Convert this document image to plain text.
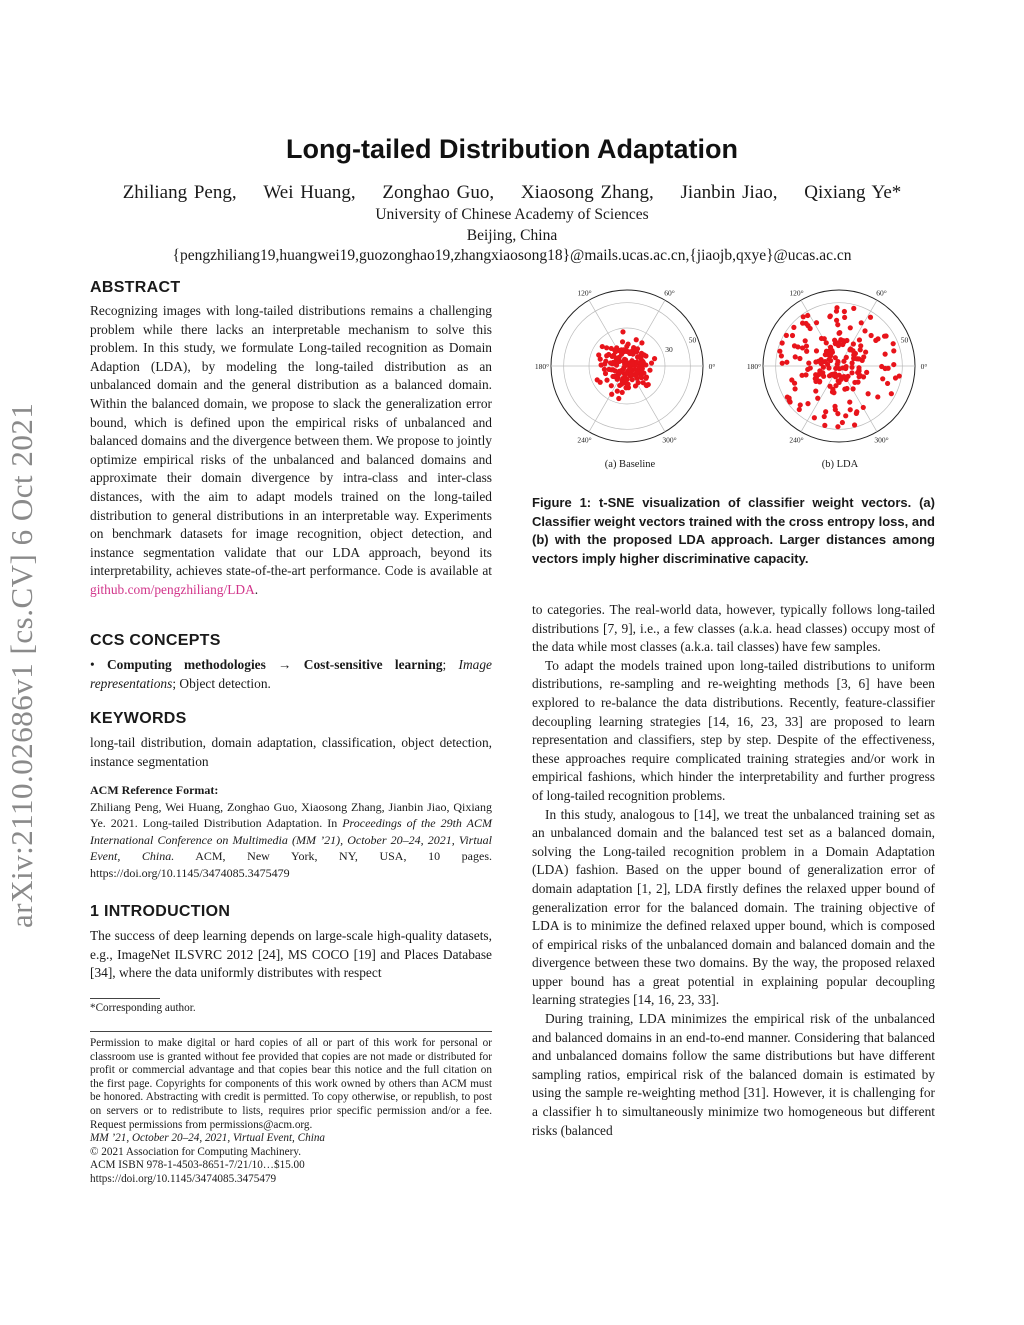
arXiv:2110.02686v1 [cs.CV] 6 Oct 2021
Long-tailed Distribution Adaptation
Zhiliang Peng, Wei Huang, Zonghao Guo, Xiaosong Zhang, Jianbin Jiao, Qixiang Ye*
University of Chinese Academy of Sciences
Beijing, China
{pengzhiliang19,huangwei19,guozonghao19,zhangxiaosong18}@mails.ucas.ac.cn,{jiaojb,qxye}@ucas.ac.cn
ABSTRACT

Recognizing images with long-tailed distributions remains a challenging problem while there lacks an interpretable mechanism to solve this problem. In this study, we formulate Long-tailed recognition as Domain Adaption (LDA), by modeling the long-tailed distribution as an unbalanced domain and the general distribution as a balanced domain. Within the balanced domain, we propose to slack the generalization error bound, which is defined upon the empirical risks of unbalanced and balanced domains and the divergence between them. We propose to jointly optimize empirical risks of the unbalanced and balanced domains and approximate their domain divergence by intra-class and inter-class distances, with the aim to adapt models trained on the long-tailed distribution to general distributions in an interpretable way. Experiments on benchmark datasets for image recognition, object detection, and instance segmentation validate that our LDA approach, beyond its interpretability, achieves state-of-the-art performance. Code is available at github.com/pengzhiliang/LDA.

CCS CONCEPTS

• Computing methodologies → Cost-sensitive learning; Image representations; Object detection.

KEYWORDS

long-tail distribution, domain adaptation, classification, object detection, instance segmentation

ACM Reference Format:

Zhiliang Peng, Wei Huang, Zonghao Guo, Xiaosong Zhang, Jianbin Jiao, Qixiang Ye. 2021. Long-tailed Distribution Adaptation. In Proceedings of the 29th ACM International Conference on Multimedia (MM ’21), October 20–24, 2021, Virtual Event, China. ACM, New York, NY, USA, 10 pages. https://doi.org/10.1145/3474085.3475479

1 INTRODUCTION

The success of deep learning depends on large-scale high-quality datasets, e.g., ImageNet ILSVRC 2012 [24], MS COCO [19] and Places Database [34], where the data uniformly distributes with respect

*Corresponding author.

Permission to make digital or hard copies of all or part of this work for personal or classroom use is granted without fee provided that copies are not made or distributed for profit or commercial advantage and that copies bear this notice and the full citation on the first page. Copyrights for components of this work owned by others than ACM must be honored. Abstracting with credit is permitted. To copy otherwise, or republish, to post on servers or to redistribute to lists, requires prior specific permission and/or a fee. Request permissions from permissions@acm.org.

MM ’21, October 20–24, 2021, Virtual Event, China

© 2021 Association for Computing Machinery.

ACM ISBN 978-1-4503-8651-7/21/10…$15.00

https://doi.org/10.1145/3474085.3475479

120°	60°
180°	0°
240°	300°
50
30
120°	60°
180°	0°
240°	300°
50
(a) Baseline	(b) LDA

Figure 1: t-SNE visualization of classifier weight vectors. (a) Classifier weight vectors trained with the cross entropy loss, and (b) with the proposed LDA approach. Larger distances among vectors imply higher discriminative capacity.

to categories. The real-world data, however, typically follows long-tailed distributions [7, 9], i.e., a few classes (a.k.a. head classes) occupy most of the data while most classes (a.k.a. tail classes) have few samples.

To adapt the models trained upon long-tailed distributions to uniform distributions, re-sampling and re-weighting methods [3, 6] have been explored to re-balance the data distributions. Recently, feature-classifier decoupling learning strategies [14, 16, 23, 33] are proposed to learn representation and classifiers, step by step. Despite of the effectiveness, these approaches require complicated training strategies and/or work in empirical fashions, which hinder the interpretability and further progress of long-tailed recognition problems.

In this study, analogous to [14], we treat the unbalanced training set as an unbalanced domain and the balanced test set as a balanced domain, solving the Long-tailed recognition problem in a Domain Adaptation (LDA) fashion. Based on the upper bound of generalization error of domain adaptation [1, 2], LDA firstly defines the relaxed upper bound of generalization error for the balanced domain. The training objective of LDA is to minimize the defined relaxed upper bound, which is composed of empirical risks of the unbalanced domain and balanced domain and the divergence between these two domains. By the way, the proposed relaxed upper bound has a great potential in explaining popular decoupling learning strategies [14, 16, 23, 33].

During training, LDA minimizes the empirical risk of the unbalanced and balanced domains in an end-to-end manner. Considering that balanced and unbalanced domains follow the same distributions but have different sampling ratios, empirical risk of the balanced domain is estimated by using the sample re-weighting method [31]. However, it is challenging for a classifier h to simultaneously minimize two homogeneous but different risks (balanced
